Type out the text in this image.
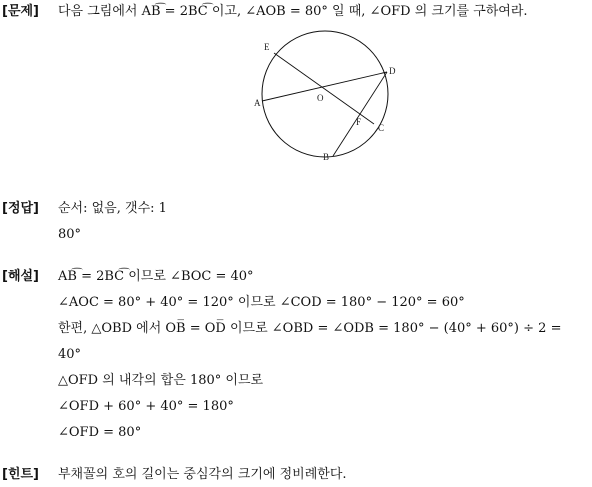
[문제] 다음 그림에서 AB͡ = 2BC͡ 이고, ∠AOB = 80° 일 때, ∠OFD 의 크기를 구하여라.
E
D
A	O
F
C
B
[정답] 순서: 없음, 갯수: 1
80°
[해설] AB͡ = 2BC͡ 이므로 ∠BOC = 40°
∠AOC = 80° + 40° = 120° 이므로 ∠COD = 180° − 120° = 60°
한편, △OBD 에서 OB̅ = OD̅ 이므로 ∠OBD = ∠ODB = 180° − (40° + 60°) ÷ 2 =
40°
△OFD 의 내각의 합은 180° 이므로
∠OFD + 60° + 40° = 180°
∠OFD = 80°
[힌트] 부채꼴의 호의 길이는 중심각의 크기에 정비례한다.
